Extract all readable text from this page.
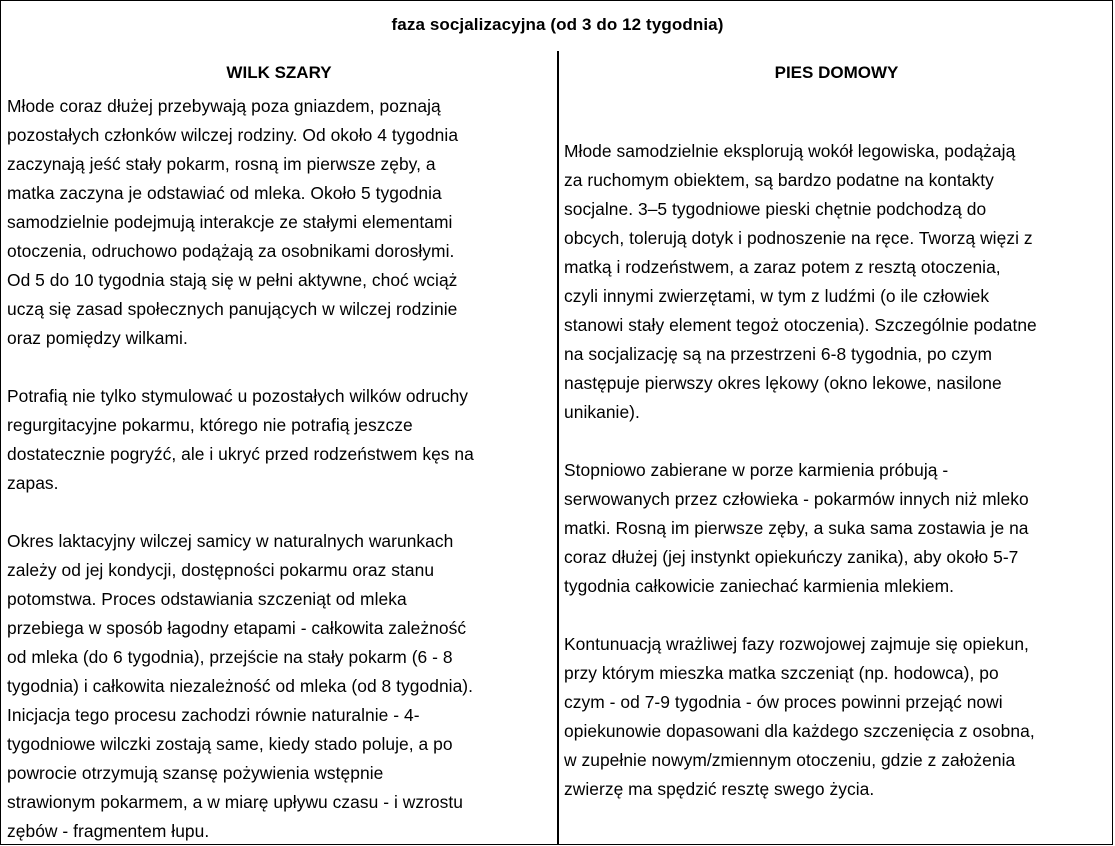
faza socjalizacyjna (od 3 do 12 tygodnia)
WILK SZARY	PIES DOMOWY
Młode coraz dłużej przebywają poza gniazdem, poznają
pozostałych członków wilczej rodziny. Od około 4 tygodnia
zaczynają jeść stały pokarm, rosną im pierwsze zęby, a
matka zaczyna je odstawiać od mleka. Około 5 tygodnia
samodzielnie podejmują interakcje ze stałymi elementami
otoczenia, odruchowo podążają za osobnikami dorosłymi.
Od 5 do 10 tygodnia stają się w pełni aktywne, choć wciąż
uczą się zasad społecznych panujących w wilczej rodzinie
oraz pomiędzy wilkami.
Potrafią nie tylko stymulować u pozostałych wilków odruchy
regurgitacyjne pokarmu, którego nie potrafią jeszcze
dostatecznie pogryźć, ale i ukryć przed rodzeństwem kęs na
zapas.
Okres laktacyjny wilczej samicy w naturalnych warunkach
zależy od jej kondycji, dostępności pokarmu oraz stanu
potomstwa. Proces odstawiania szczeniąt od mleka
przebiega w sposób łagodny etapami - całkowita zależność
od mleka (do 6 tygodnia), przejście na stały pokarm (6 - 8
tygodnia) i całkowita niezależność od mleka (od 8 tygodnia).
Inicjacja tego procesu zachodzi równie naturalnie - 4-
tygodniowe wilczki zostają same, kiedy stado poluje, a po
powrocie otrzymują szansę pożywienia wstępnie
strawionym pokarmem, a w miarę upływu czasu - i wzrostu
zębów - fragmentem łupu.
Młode samodzielnie eksplorują wokół legowiska, podążają
za ruchomym obiektem, są bardzo podatne na kontakty
socjalne. 3–5 tygodniowe pieski chętnie podchodzą do
obcych, tolerują dotyk i podnoszenie na ręce. Tworzą więzi z
matką i rodzeństwem, a zaraz potem z resztą otoczenia,
czyli innymi zwierzętami, w tym z ludźmi (o ile człowiek
stanowi stały element tegoż otoczenia). Szczególnie podatne
na socjalizację są na przestrzeni 6-8 tygodnia, po czym
następuje pierwszy okres lękowy (okno lekowe, nasilone
unikanie).
Stopniowo zabierane w porze karmienia próbują -
serwowanych przez człowieka - pokarmów innych niż mleko
matki. Rosną im pierwsze zęby, a suka sama zostawia je na
coraz dłużej (jej instynkt opiekuńczy zanika), aby około 5-7
tygodnia całkowicie zaniechać karmienia mlekiem.
Kontunuacją wrażliwej fazy rozwojowej zajmuje się opiekun,
przy którym mieszka matka szczeniąt (np. hodowca), po
czym - od 7-9 tygodnia - ów proces powinni przejąć nowi
opiekunowie dopasowani dla każdego szczenięcia z osobna,
w zupełnie nowym/zmiennym otoczeniu, gdzie z założenia
zwierzę ma spędzić resztę swego życia.
